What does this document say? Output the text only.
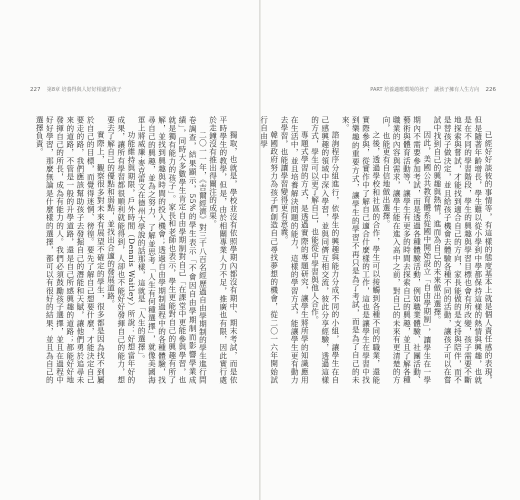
227 第8章 培養得與人好好相處的孩子

獨取，也就是，學校並沒有依照學期內都沒有期中、期末考試，而是依平時學生的教學，但是，由於相關專業人力不足，推廣也有限，因此實行處於走鐘沒有推出得關注的成果。

二〇一一年，《吉爾經濟》對三千八百名經歷過自由學期制的學生進行問卷調查，結果顯示，55%的學生表示「不會因自由學期制而影響學業成績」，同時大多數學生肯定自由學期制對自己「在課堂中更能參與學習，也就是獨有能力的孩子」。家長和老師也表示，學生更能對自己的興趣有所了解，並找到興趣與時間的投入機會；透過自由學期制過程中的各種體驗，找尋自己的興趣，並為之努力，了解並思考「人生有何種選擇」，就像美國海軍上將威廉·麥克雷文在德州大學說的話那樣，這就是「人生的選擇」。

功能維持與期限，戶外時間（Dennis Waitley）所說：好想當年好的成果，讓所有學習都很順利就能得到，人卻也不能好好發揮自己的能力，想要去了解自己的優點和弱點，並找出合適的發展道路。

實際上，觀察很多對未來有展望不確定的學生，很多都是因為找不到屬於自己的目標，而覺得迷惘、徬徨。要先了解自己想要什麼，才能決定自己要走的路，我們應該幫助孩子去發掘自己的潛能和天賦，讓他們勇於追尋未來的道路，不管是一般的升學道路，還是自己所感興趣的道路；都能好好地發揮自己的所長，成為有能力的人。我們必須鼓勵孩子選擇，並且在過程中好好學習，那麼無論是什麼樣的選擇，都可以有很好的結果，並且為自己的選擇負責。

PART 培養適應環境的孩子　讓孩子擁有人生方向 226

已經好好談彼的事情等，有這樣的態度基本上就是個人責任感的表現，但是隨著年齡增長，學生難以從小學到中學都保持這樣的熱情與興趣，也就是在不同的學習階段，學生的興趣與學習目標也會有所改變，孩子需要不斷地探索與嘗試，才能找到適合自己的方向，家長能做的是支持與陪伴，而不是替孩子做決定，並且給孩子機會去體驗各種不同的活動，讓孩子可以在嘗試中找到自己的興趣與熱情，進而為自己的未來做出選擇。

因此，美國公共教育體系從國中開始設立「自由學期制」，讓學生在一學期內不需要參加考試，而是透過各種體驗活動，例如職業體驗、社團活動、藝術與體育活動等，讓學生有更多的時間去探索自己的興趣，並且了解各種職業的內容與需求，讓學生能在進入高中之前，對自己的未來有更清楚的方向，也能更有自信地做出選擇。

之後，透過學校和社區的合作，學生可以接觸到各種不同的職業，還能實際參與，從實作中了解自己適合什麼樣的工作，這也是讓學生在學習中找到樂趣的重要方式，讓學生的學習不再只是為了考試，而是為了自己的未來。

諮詢程序分組進行，依學生的興趣與能力分成不同的小組，讓學生在自己感興趣的領域中深入學習，並與同儕互相交流，彼此分享經驗，透過這樣的方式，學生可以更了解自己，也能從中學習與他人合作。

專題式學習的方式，是透過實際的專題研究，讓學生將所學的知識應用在生活中，並且培養解決問題的能力，這樣的學習方式，能讓學生更有動力去學習，也能讓學習變得更有意義。

韓國政府努力為孩子們創造自己尋找夢想的機會，從二〇一六年開始試行自由學
